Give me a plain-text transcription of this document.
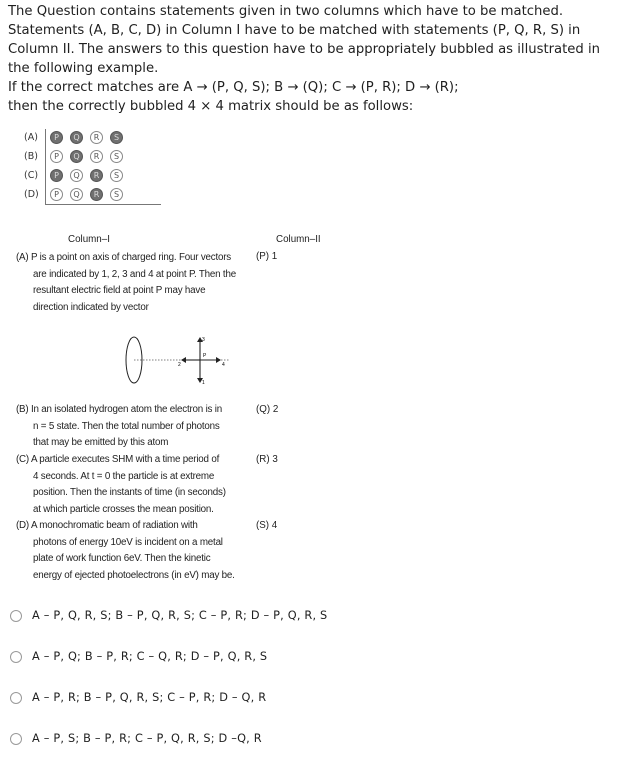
The Question contains statements given in two columns which have to be matched.

Statements (A, B, C, D) in Column I have to be matched with statements (P, Q, R, S) in

Column II. The answers to this question have to be appropriately bubbled as illustrated in

the following example.

If the correct matches are A → (P, Q, S); B → (Q); C → (P, R); D → (R);

then the correctly bubbled 4 × 4 matrix should be as follows:

(A)	P	Q	R	S
(B)	P	Q	R	S
(C)	P	Q	R	S
(D)	P	Q	R	S
Column–I	Column–II
(A) P is a point on axis of charged ring. Four vectors
are indicated by 1, 2, 3 and 4 at point P. Then the
resultant electric field at point P may have
direction indicated by vector
(P) 1
3
1
4
2
P
(B) In an isolated hydrogen atom the electron is in
n = 5 state. Then the total number of photons
that may be emitted by this atom
(Q) 2
(C) A particle executes SHM with a time period of
4 seconds. At t = 0 the particle is at extreme
position. Then the instants of time (in seconds)
at which particle crosses the mean position.
(R) 3
(D) A monochromatic beam of radiation with
photons of energy 10eV is incident on a metal
plate of work function 6eV. Then the kinetic
energy of ejected photoelectrons (in eV) may be.
(S) 4
A – P, Q, R, S; B – P, Q, R, S; C – P, R; D – P, Q, R, S
A – P, Q; B – P, R; C – Q, R; D – P, Q, R, S
A – P, R; B – P, Q, R, S; C – P, R; D – Q, R
A – P, S; B – P, R; C – P, Q, R, S; D –Q, R
